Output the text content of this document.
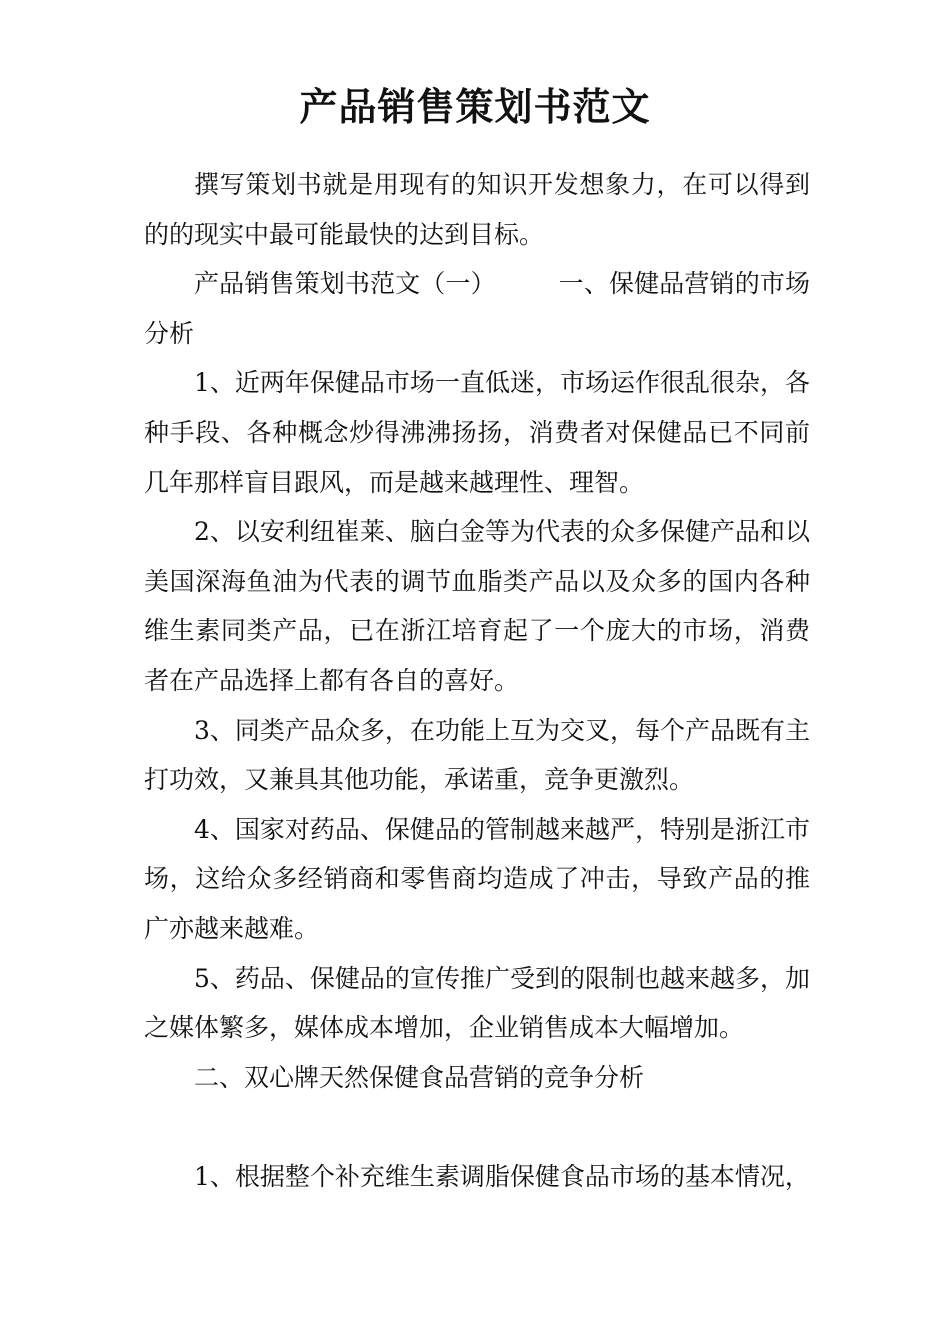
产品销售策划书范文

撰写策划书就是用现有的知识开发想象力，在可以得到的的现实中最可能最快的达到目标。

产品销售策划书范文（一）　　　一、保健品营销的市场分析

1、近两年保健品市场一直低迷，市场运作很乱很杂，各种手段、各种概念炒得沸沸扬扬，消费者对保健品已不同前几年那样盲目跟风，而是越来越理性、理智。

2、以安利纽崔莱、脑白金等为代表的众多保健产品和以美国深海鱼油为代表的调节血脂类产品以及众多的国内各种维生素同类产品，已在浙江培育起了一个庞大的市场，消费者在产品选择上都有各自的喜好。

3、同类产品众多，在功能上互为交叉，每个产品既有主打功效，又兼具其他功能，承诺重，竞争更激烈。

4、国家对药品、保健品的管制越来越严，特别是浙江市场，这给众多经销商和零售商均造成了冲击，导致产品的推广亦越来越难。

5、药品、保健品的宣传推广受到的限制也越来越多，加之媒体繁多，媒体成本增加，企业销售成本大幅增加。

二、双心牌天然保健食品营销的竞争分析

1、根据整个补充维生素调脂保健食品市场的基本情况，
